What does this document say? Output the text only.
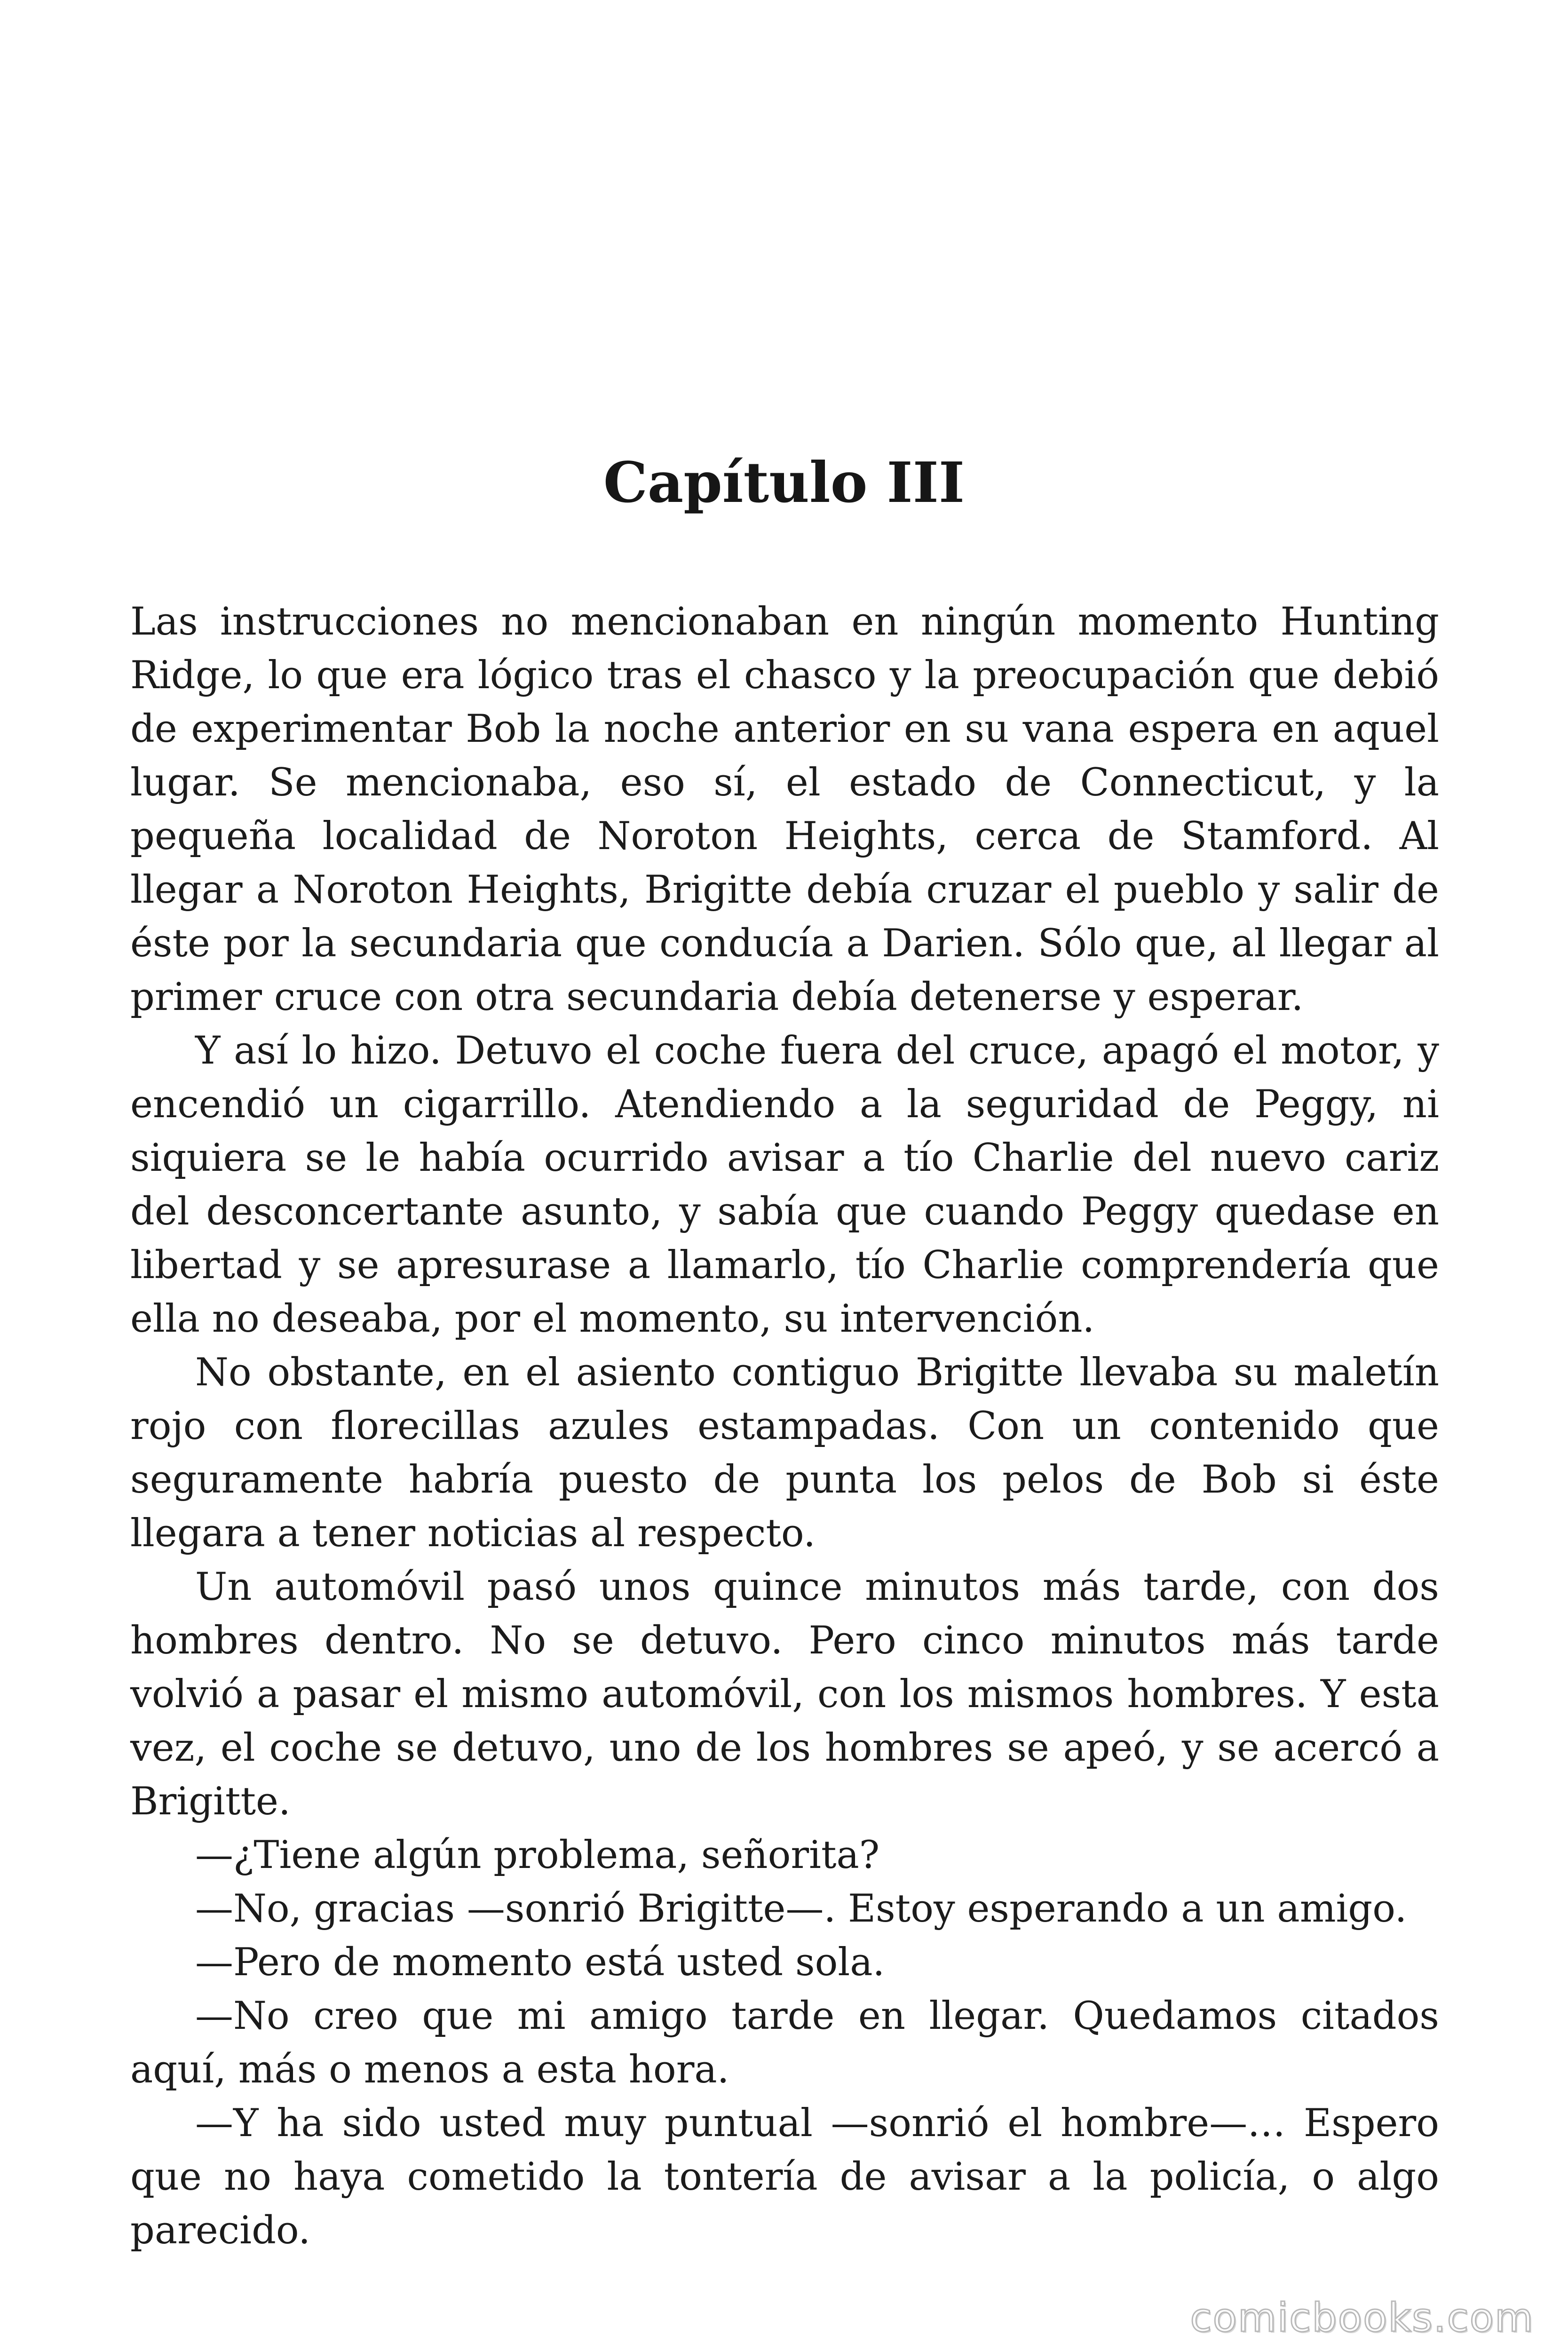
Capítulo III

Las instrucciones no mencionaban en ningún momento Hunting Ridge, lo que era lógico tras el chasco y la preocupación que debió de experimentar Bob la noche anterior en su vana espera en aquel lugar. Se mencionaba, eso sí, el estado de Connecticut, y la pequeña localidad de Noroton Heights, cerca de Stamford. Al llegar a Noroton Heights, Brigitte debía cruzar el pueblo y salir de éste por la secundaria que conducía a Darien. Sólo que, al llegar al primer cruce con otra secundaria debía detenerse y esperar.

Y así lo hizo. Detuvo el coche fuera del cruce, apagó el motor, y encendió un cigarrillo. Atendiendo a la seguridad de Peggy, ni siquiera se le había ocurrido avisar a tío Charlie del nuevo cariz del desconcertante asunto, y sabía que cuando Peggy quedase en libertad y se apresurase a llamarlo, tío Charlie comprendería que ella no deseaba, por el momento, su intervención.

No obstante, en el asiento contiguo Brigitte llevaba su maletín rojo con florecillas azules estampadas. Con un contenido que seguramente habría puesto de punta los pelos de Bob si éste llegara a tener noticias al respecto.

Un automóvil pasó unos quince minutos más tarde, con dos hombres dentro. No se detuvo. Pero cinco minutos más tarde volvió a pasar el mismo automóvil, con los mismos hombres. Y esta vez, el coche se detuvo, uno de los hombres se apeó, y se acercó a Brigitte.

—¿Tiene algún problema, señorita?

—No, gracias —sonrió Brigitte—. Estoy esperando a un amigo.

—Pero de momento está usted sola.

—No creo que mi amigo tarde en llegar. Quedamos citados aquí, más o menos a esta hora.

—Y ha sido usted muy puntual —sonrió el hombre—… Espero que no haya cometido la tontería de avisar a la policía, o algo parecido.

comicbooks.com
